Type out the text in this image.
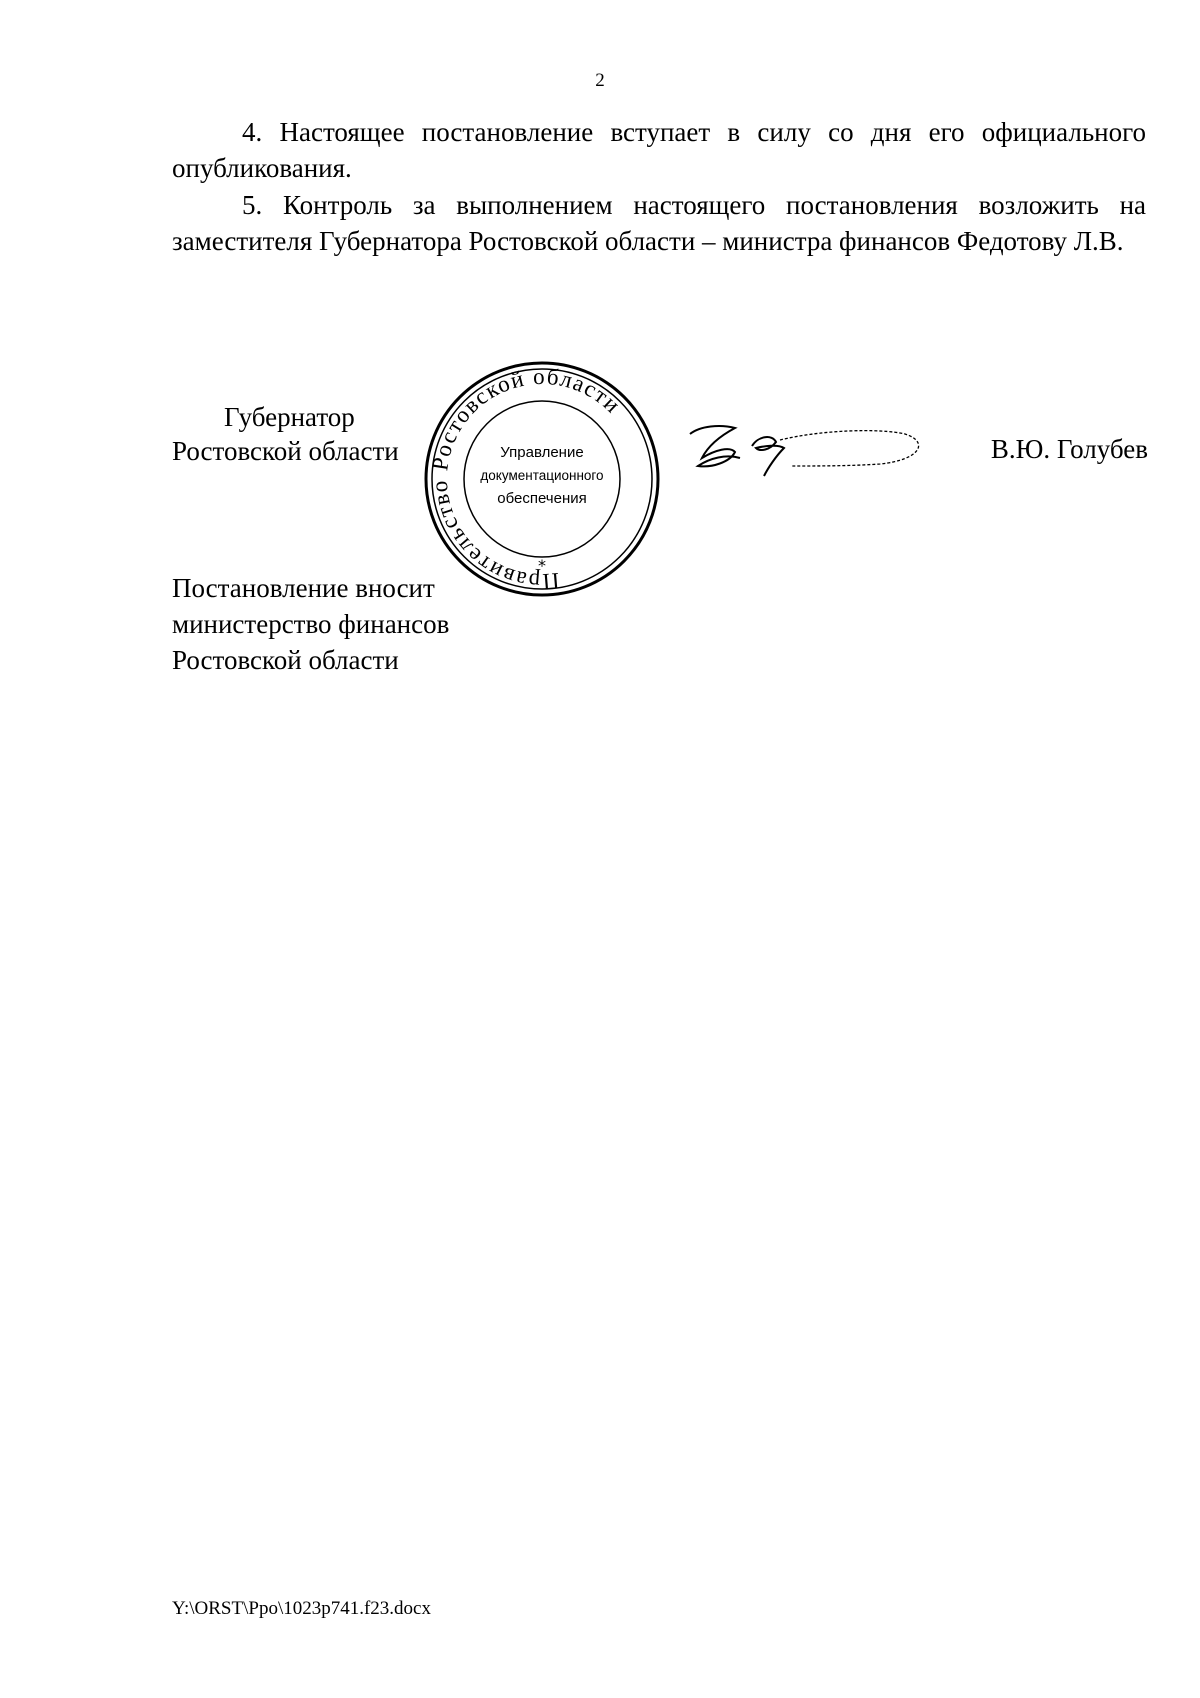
2
4. Настоящее постановление вступает в силу со дня его официального опубликования.
5. Контроль за выполнением настоящего постановления возложить на заместителя Губернатора Ростовской области – министра финансов Федотову Л.В.
Губернатор
Ростовской области
Правительство Ростовской области
Управление
документационного
обеспечения
*
В.Ю. Голубев
Постановление вносит
министерство финансов
Ростовской области
Y:\ORST\Ppo\1023p741.f23.docx
